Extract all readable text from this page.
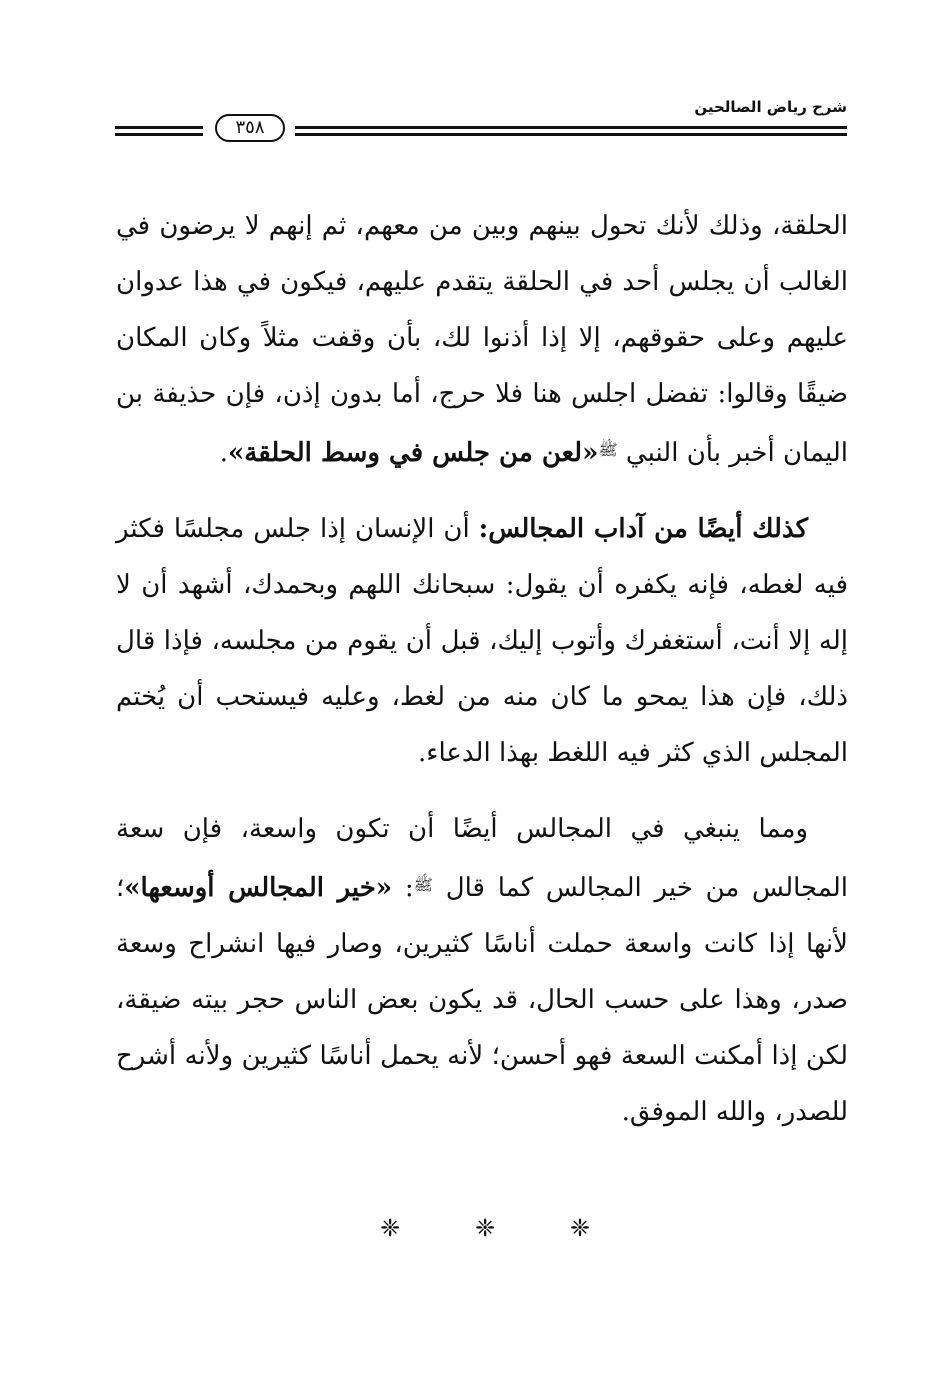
شرح رياض الصالحين
٣٥٨

الحلقة، وذلك لأنك تحول بينهم وبين من معهم، ثم إنهم لا يرضون في الغالب أن يجلس أحد في الحلقة يتقدم عليهم، فيكون في هذا عدوان عليهم وعلى حقوقهم، إلا إذا أذنوا لك، بأن وقفت مثلاً وكان المكان ضيقًا وقالوا: تفضل اجلس هنا فلا حرج، أما بدون إذن، فإن حذيفة بن اليمان أخبر بأن النبي $^ﷺ$«لعن من جلس في وسط الحلقة».

كذلك أيضًا من آداب المجالس: أن الإنسان إذا جلس مجلسًا فكثر فيه لغطه، فإنه يكفره أن يقول: سبحانك اللهم وبحمدك، أشهد أن لا إله إلا أنت، أستغفرك وأتوب إليك، قبل أن يقوم من مجلسه، فإذا قال ذلك، فإن هذا يمحو ما كان منه من لغط، وعليه فيستحب أن يُختم المجلس الذي كثر فيه اللغط بهذا الدعاء.

ومما ينبغي في المجالس أيضًا أن تكون واسعة، فإن سعة المجالس من خير المجالس كما قال $^ﷺ$: «خير المجالس أوسعها»؛ لأنها إذا كانت واسعة حملت أناسًا كثيرين، وصار فيها انشراح وسعة صدر، وهذا على حسب الحال، قد يكون بعض الناس حجر بيته ضيقة، لكن إذا أمكنت السعة فهو أحسن؛ لأنه يحمل أناسًا كثيرين ولأنه أشرح للصدر، والله الموفق.

❈	❈	❈
